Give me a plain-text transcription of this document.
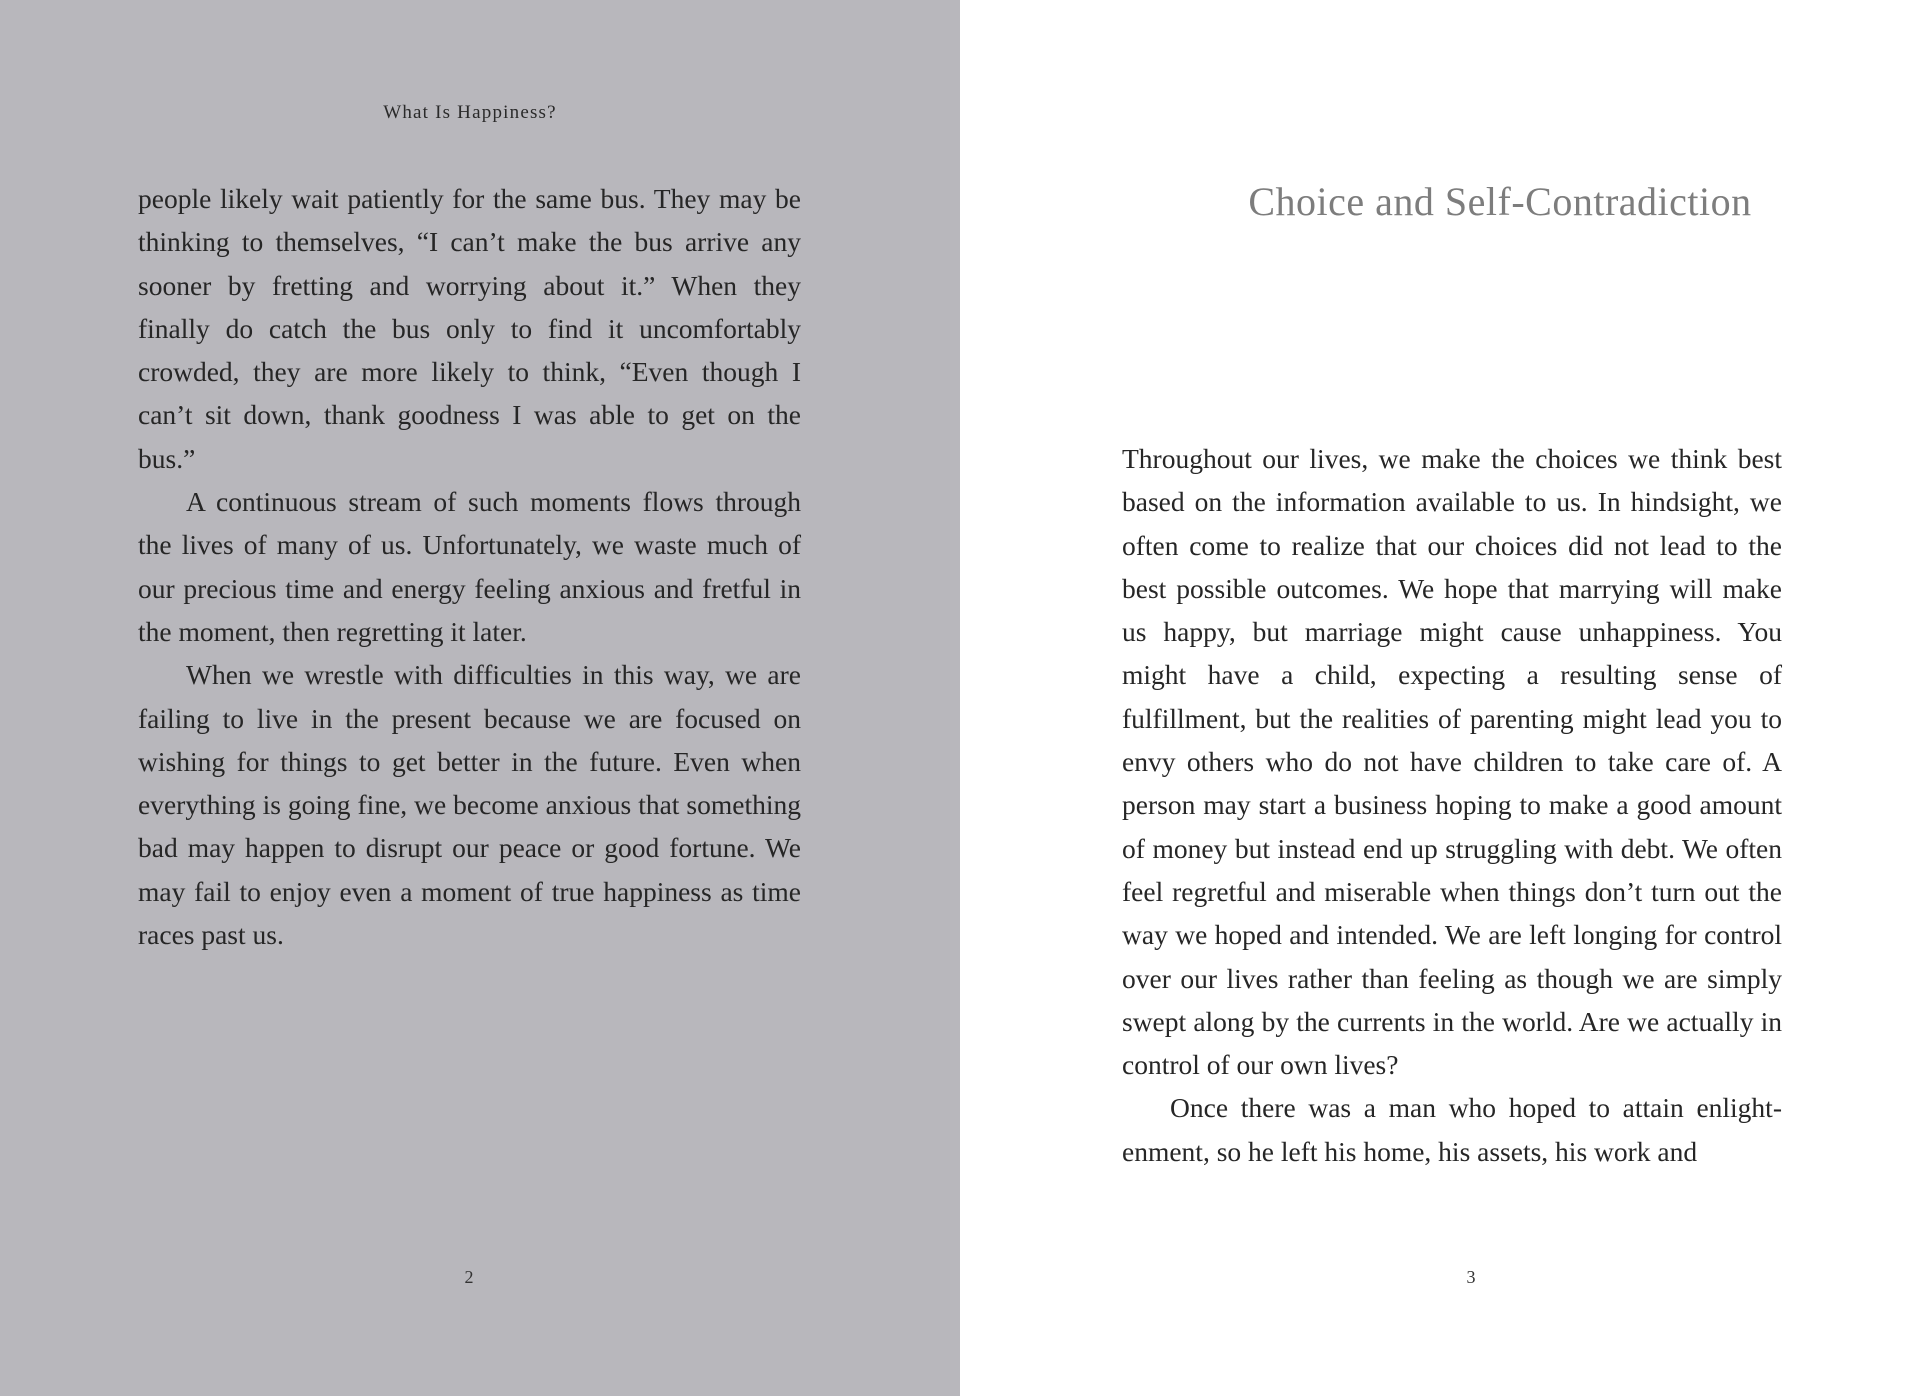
What Is Happiness?

people likely wait patiently for the same bus. They may be thinking to themselves, “I can’t make the bus arrive any sooner by fretting and worrying about it.” When they finally do catch the bus only to find it uncomfortably crowded, they are more likely to think, “Even though I can’t sit down, thank goodness I was able to get on the bus.”

A continuous stream of such moments flows through the lives of many of us. Unfortunately, we waste much of our precious time and energy feeling anxious and fretful in the moment, then regretting it later.

When we wrestle with difficulties in this way, we are failing to live in the present because we are focused on wishing for things to get better in the future. Even when everything is going fine, we become anxious that something bad may happen to disrupt our peace or good fortune. We may fail to enjoy even a moment of true happiness as time races past us.

2
Choice and Self-Contradiction

Throughout our lives, we make the choices we think best based on the information available to us. In hindsight, we often come to realize that our choices did not lead to the best possible outcomes. We hope that marrying will make us happy, but marriage might cause unhappiness. You might have a child, expecting a resulting sense of fulfillment, but the realities of parenting might lead you to envy others who do not have children to take care of. A person may start a business hoping to make a good amount of money but instead end up struggling with debt. We often feel regretful and miserable when things don’t turn out the way we hoped and intended. We are left longing for control over our lives rather than feeling as though we are simply swept along by the currents in the world. Are we actually in control of our own lives?

Once there was a man who hoped to attain enlightenment, so he left his home, his assets, his work and

3
